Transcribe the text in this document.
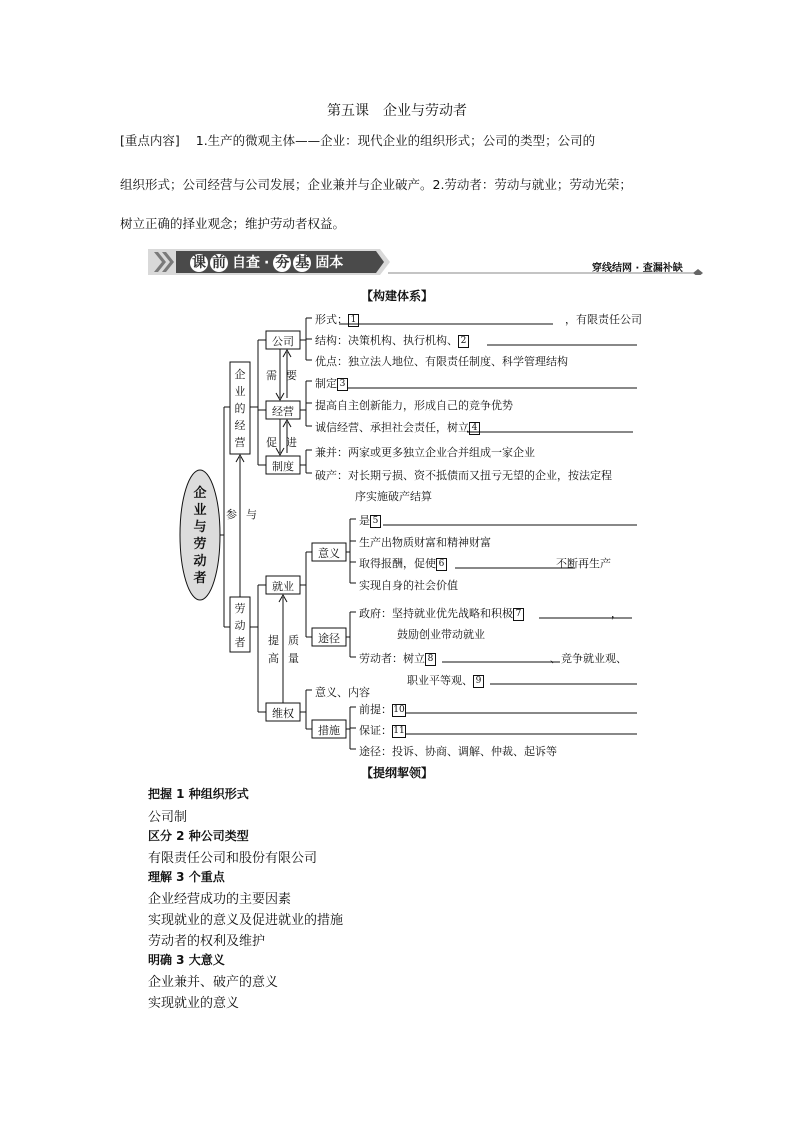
第五课　企业与劳动者
[重点内容] 1.生产的微观主体——企业：现代企业的组织形式；公司的类型；公司的
组织形式；公司经营与公司发展；企业兼并与企业破产。2.劳动者：劳动与就业；劳动光荣；
树立正确的择业观念；维护劳动者权益。
课 前 自查 · 夯 基 固本	穿线结网 · 查漏补缺
【构建体系】
企业与劳动者
企业的经营
劳动者
参 与
公司
经营
制度
需 要
促 进
就业
维权
提
高
质
量
意义
途径
措施
形式： 1	，有限责任公司
结构：决策机构、执行机构、 2
优点：独立法人地位、有限责任制度、科学管理结构
制定 3
提高自主创新能力，形成自己的竞争优势
诚信经营、承担社会责任，树立 4
兼并：两家或更多独立企业合并组成一家企业
破产：对长期亏损、资不抵债而又扭亏无望的企业，按法定程
序实施破产结算
是 5
生产出物质财富和精神财富
取得报酬，促使 6	不断再生产
实现自身的社会价值
政府：坚持就业优先战略和积极 7	，
鼓励创业带动就业
劳动者：树立 8	、竞争就业观、
职业平等观、 9
意义、内容
前提：10
保证：11
途径：投诉、协商、调解、仲裁、起诉等
【提纲挈领】
把握 1 种组织形式
公司制
区分 2 种公司类型
有限责任公司和股份有限公司
理解 3 个重点
企业经营成功的主要因素
实现就业的意义及促进就业的措施
劳动者的权利及维护
明确 3 大意义
企业兼并、破产的意义
实现就业的意义
